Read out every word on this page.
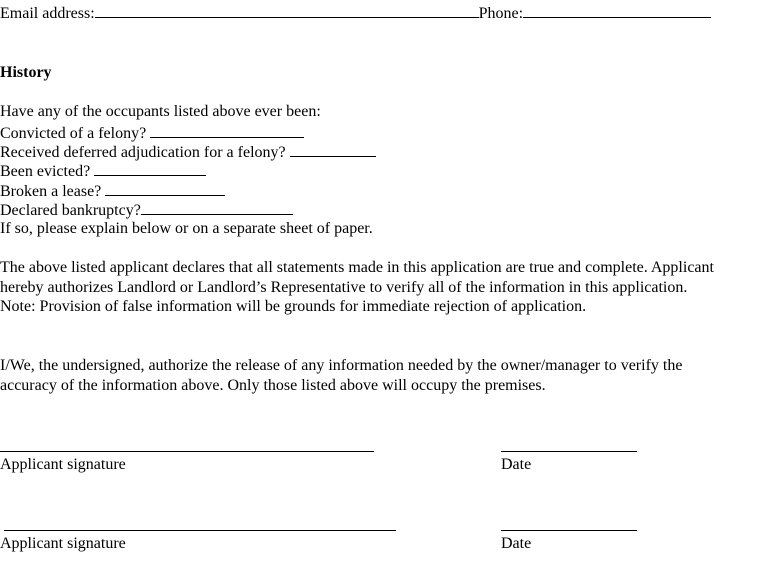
Email address:	Phone:
History
Have any of the occupants listed above ever been:
Convicted of a felony?
Received deferred adjudication for a felony?
Been evicted?
Broken a lease?
Declared bankruptcy?
If so, please explain below or on a separate sheet of paper.
The above listed applicant declares that all statements made in this application are true and complete. Applicant
hereby authorizes Landlord or Landlord’s Representative to verify all of the information in this application.
Note: Provision of false information will be grounds for immediate rejection of application.
I/We, the undersigned, authorize the release of any information needed by the owner/manager to verify the
accuracy of the information above. Only those listed above will occupy the premises.
Applicant signature	Date
Applicant signature	Date
